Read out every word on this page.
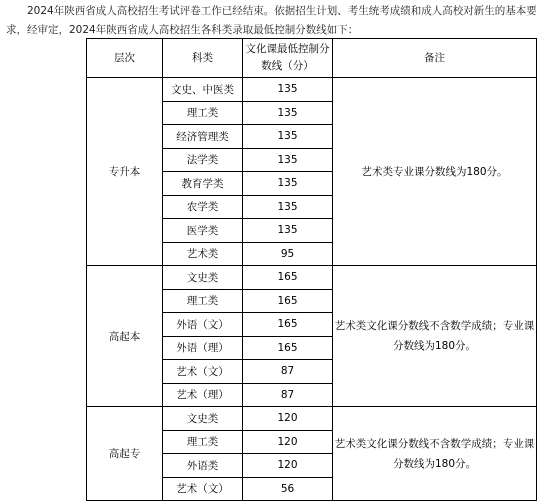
2024年陕西省成人高校招生考试评卷工作已经结束。依据招生计划、考生统考成绩和成人高校对新生的基本要求，经审定，2024年陕西省成人高校招生各科类录取最低控制分数线如下：
层次	科类	文化课最低控制分数线（分）	备注
专升本	文史、中医类	135	艺术类专业课分数线为180分。
	理工类	135	
	经济管理类	135	
	法学类	135	
	教育学类	135	
	农学类	135	
	医学类	135	
	艺术类	95	
高起本	文史类	165	艺术类文化课分数线不含数学成绩；专业课分数线为180分。
	理工类	165	
	外语（文）	165	
	外语（理）	165	
	艺术（文）	87	
	艺术（理）	87	
高起专	文史类	120	艺术类文化课分数线不含数学成绩；专业课分数线为180分。
	理工类	120	
	外语类	120	
	艺术（文）	56	
